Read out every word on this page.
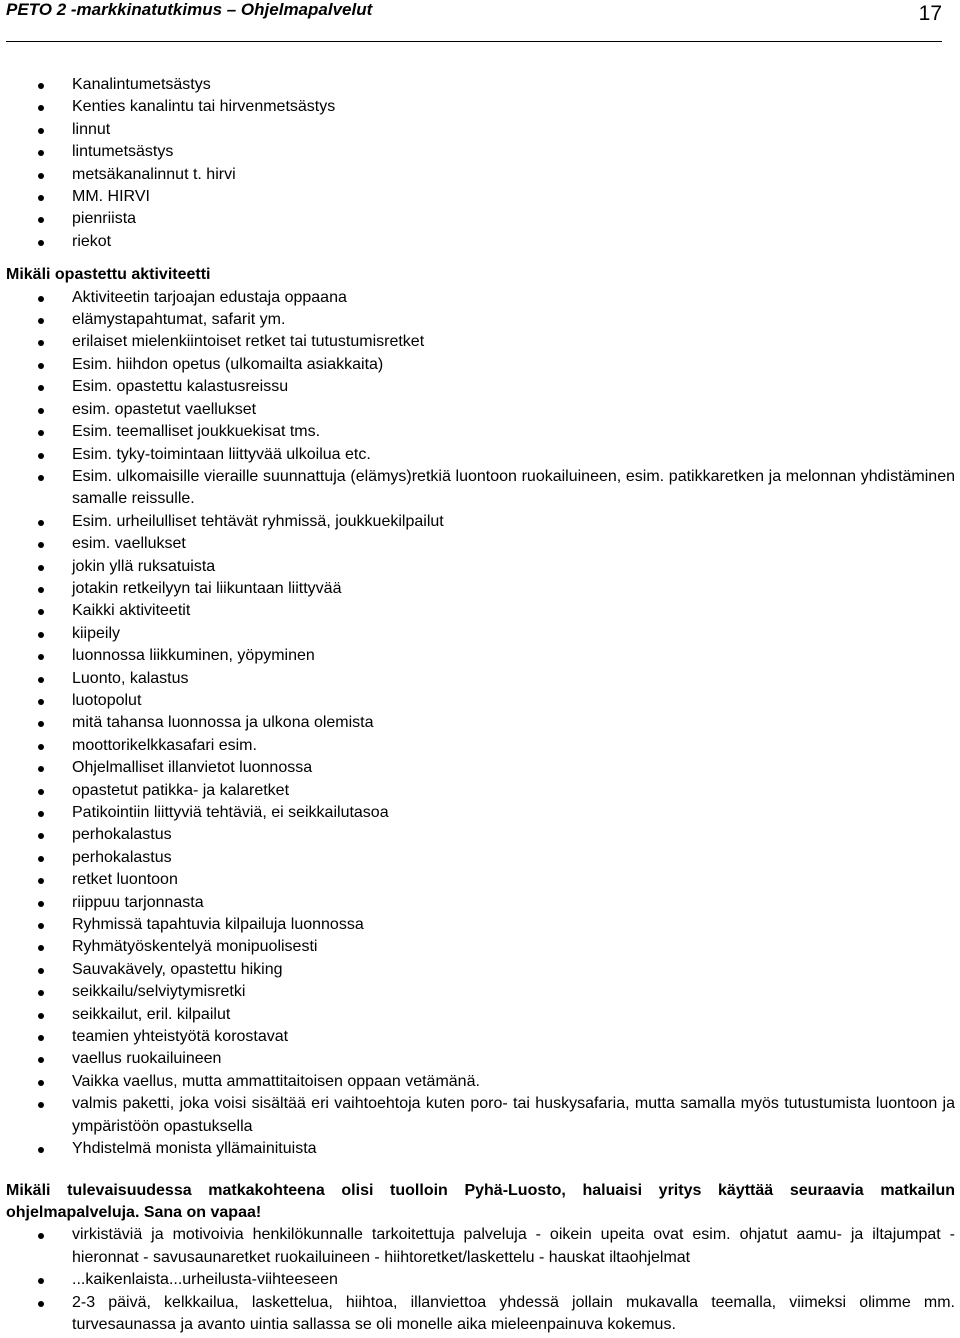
PETO 2 -markkinatutkimus – Ohjelmapalvelut	17
Kanalintumetsästys
Kenties kanalintu tai hirvenmetsästys
linnut
lintumetsästys
metsäkanalinnut t. hirvi
MM. HIRVI
pienriista
riekot
Mikäli opastettu aktiviteetti
Aktiviteetin tarjoajan edustaja oppaana
elämystapahtumat, safarit ym.
erilaiset mielenkiintoiset retket tai tutustumisretket
Esim. hiihdon opetus (ulkomailta asiakkaita)
Esim. opastettu kalastusreissu
esim. opastetut vaellukset
Esim. teemalliset joukkuekisat tms.
Esim. tyky-toimintaan liittyvää ulkoilua etc.
Esim. ulkomaisille vieraille suunnattuja (elämys)retkiä luontoon ruokailuineen, esim. patikkaretken ja melonnan yhdistäminen samalle reissulle.
Esim. urheilulliset tehtävät ryhmissä, joukkuekilpailut
esim. vaellukset
jokin yllä ruksatuista
jotakin retkeilyyn tai liikuntaan liittyvää
Kaikki aktiviteetit
kiipeily
luonnossa liikkuminen, yöpyminen
Luonto, kalastus
luotopolut
mitä tahansa luonnossa ja ulkona olemista
moottorikelkkasafari esim.
Ohjelmalliset illanvietot luonnossa
opastetut patikka- ja kalaretket
Patikointiin liittyviä tehtäviä, ei seikkailutasoa
perhokalastus
perhokalastus
retket luontoon
riippuu tarjonnasta
Ryhmissä tapahtuvia kilpailuja luonnossa
Ryhmätyöskentelyä monipuolisesti
Sauvakävely, opastettu hiking
seikkailu/selviytymisretki
seikkailut, eril. kilpailut
teamien yhteistyötä korostavat
vaellus ruokailuineen
Vaikka vaellus, mutta ammattitaitoisen oppaan vetämänä.
valmis paketti, joka voisi sisältää eri vaihtoehtoja kuten poro- tai huskysafaria, mutta samalla myös tutustumista luontoon ja ympäristöön opastuksella
Yhdistelmä monista yllämainituista
Mikäli tulevaisuudessa matkakohteena olisi tuolloin Pyhä-Luosto, haluaisi yritys käyttää seuraavia matkailun ohjelmapalveluja. Sana on vapaa!
virkistäviä ja motivoivia henkilökunnalle tarkoitettuja palveluja - oikein upeita ovat esim. ohjatut aamu- ja iltajumpat - hieronnat - savusaunaretket ruokailuineen - hiihtoretket/laskettelu - hauskat iltaohjelmat
...kaikenlaista...urheilusta-viihteeseen
2-3 päivä, kelkkailua, laskettelua, hiihtoa, illanviettoa yhdessä jollain mukavalla teemalla, viimeksi olimme mm. turvesaunassa ja avanto uintia sallassa se oli monelle aika mieleenpainuva kokemus.
